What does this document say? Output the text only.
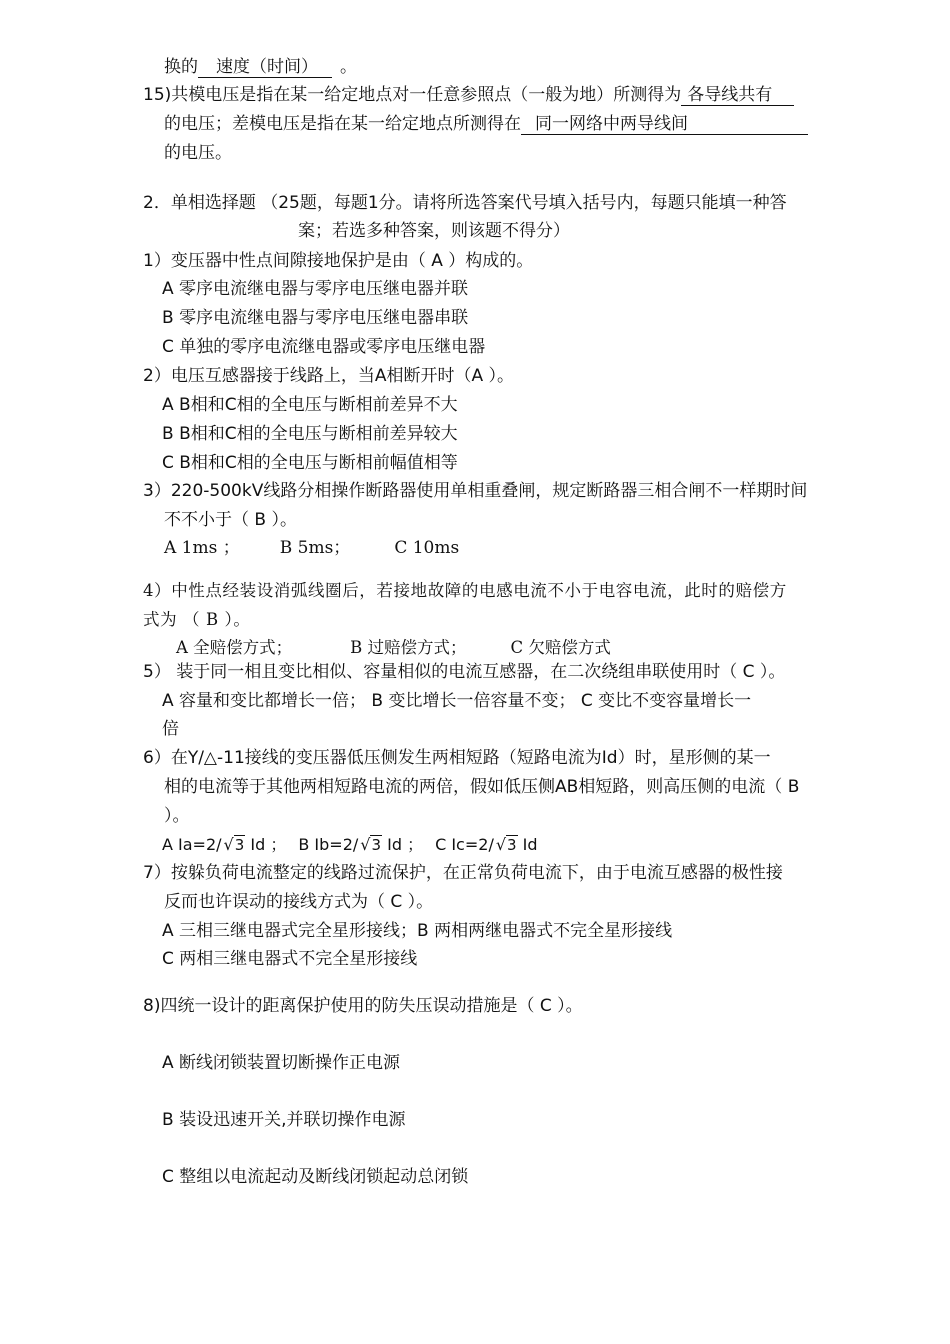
换的 速度（时间） 。
15)共模电压是指在某一给定地点对一任意参照点（一般为地）所测得为 各导线共有
的电压；差模电压是指在某一给定地点所测得在 同一网络中两导线间
的电压。
2．单相选择题 （25题，每题1分。请将所选答案代号填入括号内，每题只能填一种答
案；若选多种答案，则该题不得分）
1）变压器中性点间隙接地保护是由（ A ）构成的。
A 零序电流继电器与零序电压继电器并联
B 零序电流继电器与零序电压继电器串联
C 单独的零序电流继电器或零序电压继电器
2）电压互感器接于线路上，当A相断开时（A ）。
A B相和C相的全电压与断相前差异不大
B B相和C相的全电压与断相前差异较大
C B相和C相的全电压与断相前幅值相等
3）220-500kV线路分相操作断路器使用单相重叠闸，规定断路器三相合闸不一样期时间
不不小于（ B ）。
A 1ms ； B 5ms；	C 10ms
4）中性点经装设消弧线圈后，若接地故障的电感电流不小于电容电流，此时的赔偿方
式为 （ B ）。
A 全赔偿方式；	B 过赔偿方式；	C 欠赔偿方式
5） 装于同一相且变比相似、容量相似的电流互感器，在二次绕组串联使用时（ C ）。
A 容量和变比都增长一倍； B 变比增长一倍容量不变； C 变比不变容量增长一
倍
6）在Y/△-11接线的变压器低压侧发生两相短路（短路电流为Id）时，星形侧的某一
相的电流等于其他两相短路电流的两倍，假如低压侧AB相短路，则高压侧的电流（ B
）。
A Ia=2/ √3 Id ； B Ib=2/ √3 Id ； C Ic=2/ √3 Id
7）按躲负荷电流整定的线路过流保护，在正常负荷电流下，由于电流互感器的极性接
反而也许误动的接线方式为（ C ）。
A 三相三继电器式完全星形接线；B 两相两继电器式不完全星形接线
C 两相三继电器式不完全星形接线
8)四统一设计的距离保护使用的防失压误动措施是（ C ）。
A 断线闭锁装置切断操作正电源
B 装设迅速开关,并联切操作电源
C 整组以电流起动及断线闭锁起动总闭锁
